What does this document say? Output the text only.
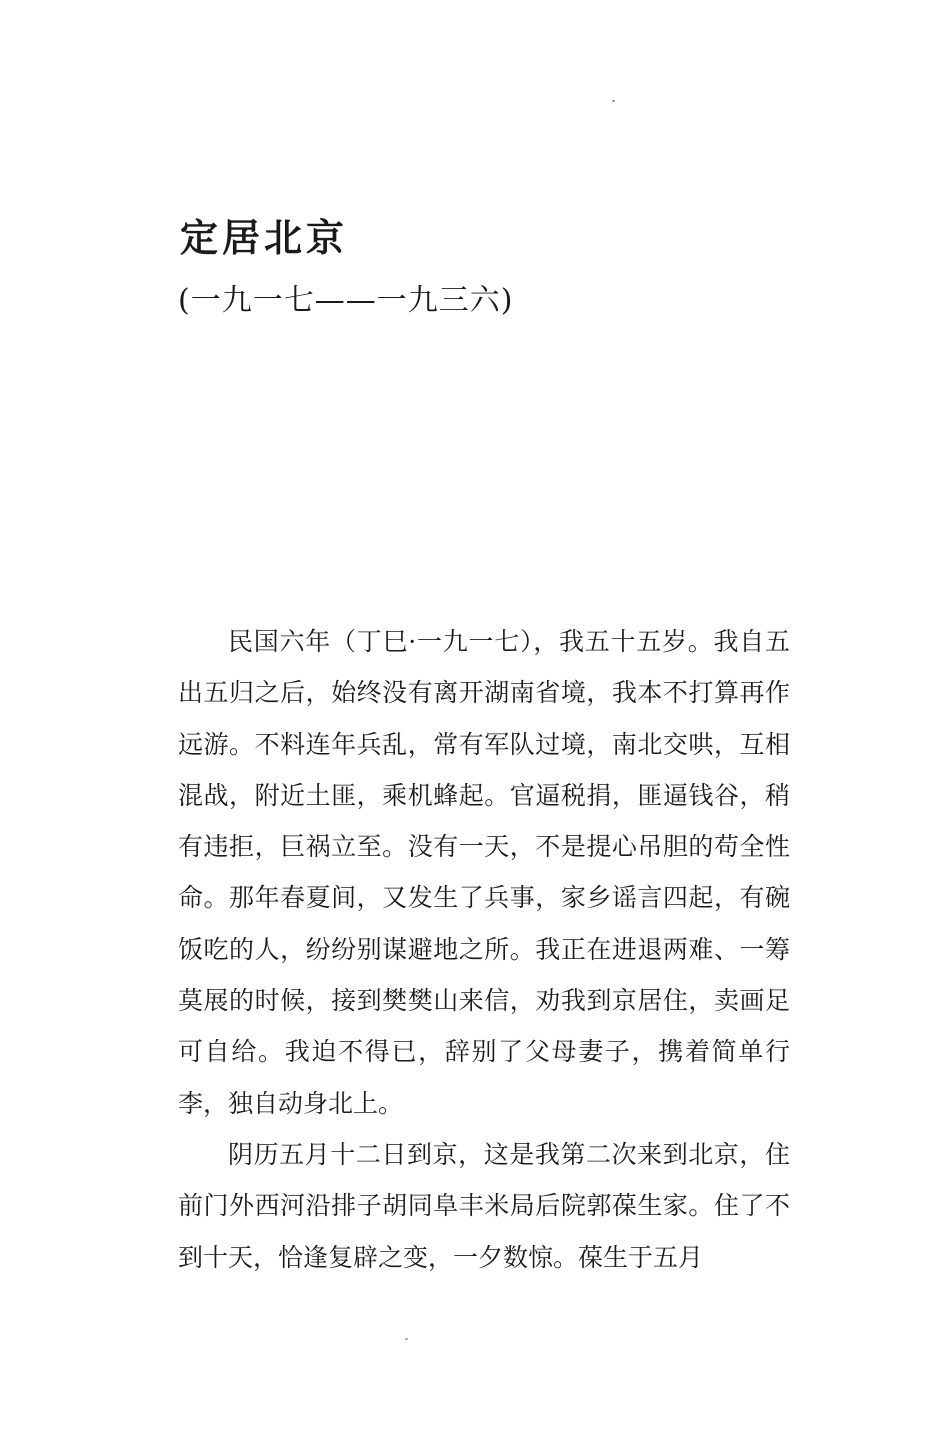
定居北京
(一九一七——一九三六)

民国六年（丁巳·一九一七），我五十五岁。我自五出五归之后，始终没有离开湖南省境，我本不打算再作远游。不料连年兵乱，常有军队过境，南北交哄，互相混战，附近土匪，乘机蜂起。官逼税捐，匪逼钱谷，稍有违拒，巨祸立至。没有一天，不是提心吊胆的苟全性命。那年春夏间，又发生了兵事，家乡谣言四起，有碗饭吃的人，纷纷别谋避地之所。我正在进退两难、一筹莫展的时候，接到樊樊山来信，劝我到京居住，卖画足可自给。我迫不得已，辞别了父母妻子，携着简单行李，独自动身北上。

阴历五月十二日到京，这是我第二次来到北京，住前门外西河沿排子胡同阜丰米局后院郭葆生家。住了不到十天，恰逢复辟之变，一夕数惊。葆生于五月
